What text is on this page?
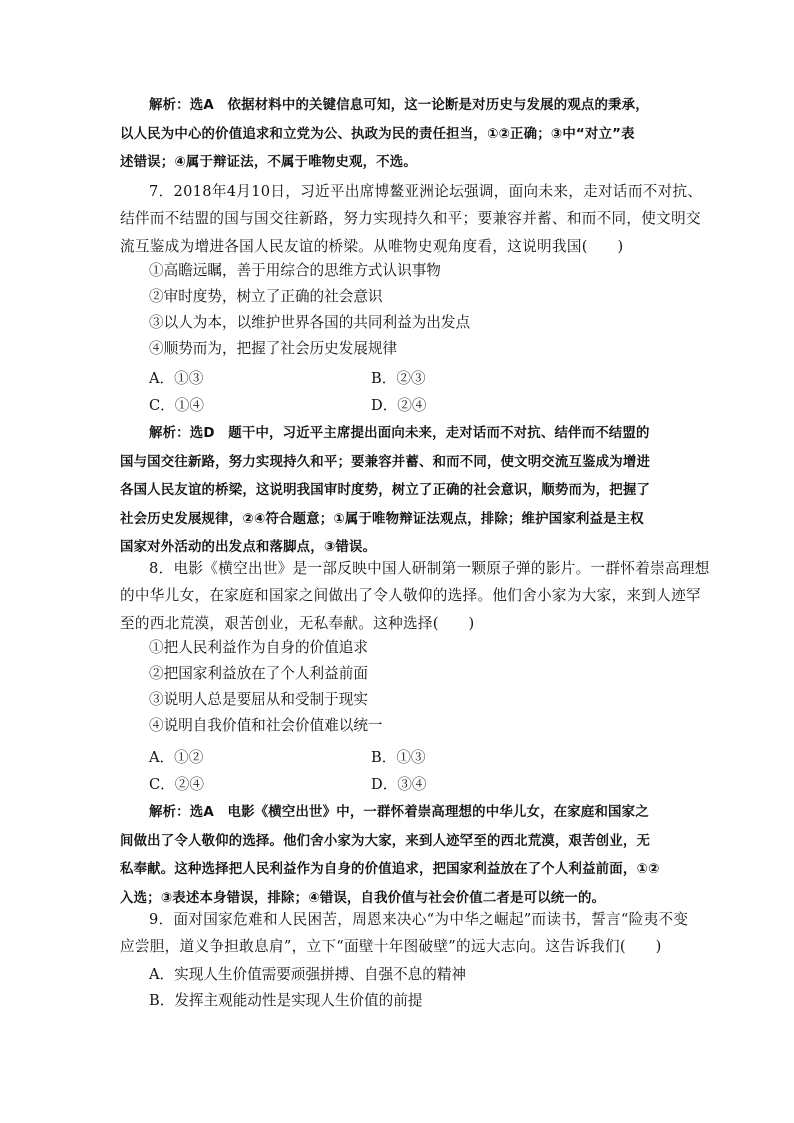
解析：选A　依据材料中的关键信息可知，这一论断是对历史与发展的观点的秉承，
以人民为中心的价值追求和立党为公、执政为民的责任担当，①②正确；③中“对立”表
述错误；④属于辩证法，不属于唯物史观，不选。
7．2018年4月10日，习近平出席博鳌亚洲论坛强调，面向未来，走对话而不对抗、
结伴而不结盟的国与国交往新路，努力实现持久和平；要兼容并蓄、和而不同，使文明交
流互鉴成为增进各国人民友谊的桥梁。从唯物史观角度看，这说明我国(　　)
①高瞻远瞩，善于用综合的思维方式认识事物
②审时度势，树立了正确的社会意识
③以人为本，以维护世界各国的共同利益为出发点
④顺势而为，把握了社会历史发展规律
A．①③	B．②③
C．①④	D．②④
解析：选D　题干中，习近平主席提出面向未来，走对话而不对抗、结伴而不结盟的
国与国交往新路，努力实现持久和平；要兼容并蓄、和而不同，使文明交流互鉴成为增进
各国人民友谊的桥梁，这说明我国审时度势，树立了正确的社会意识，顺势而为，把握了
社会历史发展规律，②④符合题意；①属于唯物辩证法观点，排除；维护国家利益是主权
国家对外活动的出发点和落脚点，③错误。
8．电影《横空出世》是一部反映中国人研制第一颗原子弹的影片。一群怀着崇高理想
的中华儿女，在家庭和国家之间做出了令人敬仰的选择。他们舍小家为大家，来到人迹罕
至的西北荒漠，艰苦创业，无私奉献。这种选择(　　)
①把人民利益作为自身的价值追求
②把国家利益放在了个人利益前面
③说明人总是要屈从和受制于现实
④说明自我价值和社会价值难以统一
A．①②	B．①③
C．②④	D．③④
解析：选A　电影《横空出世》中，一群怀着崇高理想的中华儿女，在家庭和国家之
间做出了令人敬仰的选择。他们舍小家为大家，来到人迹罕至的西北荒漠，艰苦创业，无
私奉献。这种选择把人民利益作为自身的价值追求，把国家利益放在了个人利益前面，①②
入选；③表述本身错误，排除；④错误，自我价值与社会价值二者是可以统一的。
9．面对国家危难和人民困苦，周恩来决心“为中华之崛起”而读书，誓言“险夷不变
应尝胆，道义争担敢息肩”，立下“面壁十年图破壁”的远大志向。这告诉我们(　　)
A．实现人生价值需要顽强拼搏、自强不息的精神
B．发挥主观能动性是实现人生价值的前提
